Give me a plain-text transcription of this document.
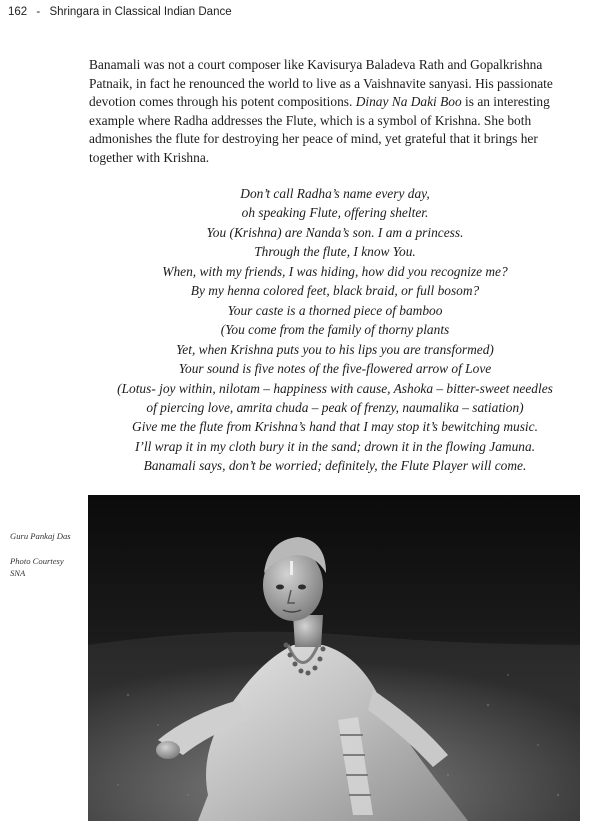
162 - Shringara in Classical Indian Dance

Banamali was not a court composer like Kavisurya Baladeva Rath and Gopalkrishna
Patnaik, in fact he renounced the world to live as a Vaishnavite sanyasi. His passionate
devotion comes through his potent compositions. Dinay Na Daki Boo is an interesting
example where Radha addresses the Flute, which is a symbol of Krishna. She both
admonishes the flute for destroying her peace of mind, yet grateful that it brings her
together with Krishna.

Don’t call Radha’s name every day,
oh speaking Flute, offering shelter.
You (Krishna) are Nanda’s son. I am a princess.
Through the flute, I know You.
When, with my friends, I was hiding, how did you recognize me?
By my henna colored feet, black braid, or full bosom?
Your caste is a thorned piece of bamboo
(You come from the family of thorny plants
Yet, when Krishna puts you to his lips you are transformed)
Your sound is five notes of the five-flowered arrow of Love
(Lotus- joy within, nilotam – happiness with cause, Ashoka – bitter-sweet needles
of piercing love, amrita chuda – peak of frenzy, naumalika – satiation)
Give me the flute from Krishna’s hand that I may stop it’s bewitching music.
I’ll wrap it in my cloth bury it in the sand; drown it in the flowing Jamuna.
Banamali says, don’t be worried; definitely, the Flute Player will come.
Guru Pankaj Das
Photo Courtesy
SNA
